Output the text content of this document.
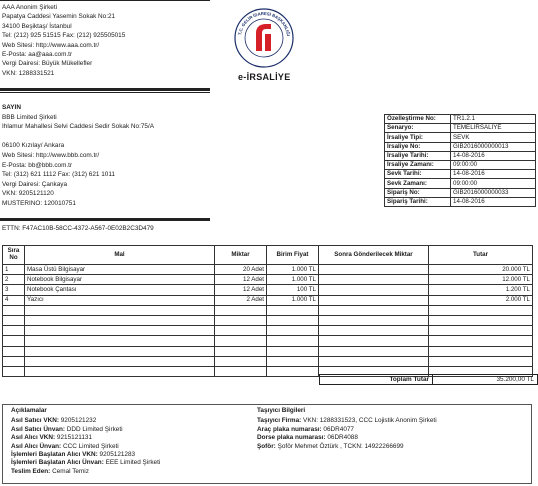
AAA Anonim Şirketi
Papatya Caddesi Yasemin Sokak No:21
34100 Beşiktaş/ İstanbul
Tel: (212) 925 51515 Fax: (212) 925505015
Web Sitesi: http://www.aaa.com.tr/
E-Posta: aa@aaa.com.tr
Vergi Dairesi: Büyük Mükellefler
VKN: 1288331521
T.C. GELİR İDARESİ BAŞKANLIĞI
e-İRSALİYE
SAYIN
BBB Limited Şirketi
Ihlamur Mahallesi Selvi Caddesi Sedir Sokak No:75/A
06100 Kızılay/ Ankara
Web Sitesi: http://www.bbb.com.tr/
E-Posta: bb@bbb.com.tr
Tel: (312) 621 1112 Fax: (312) 621 1011
Vergi Dairesi: Çankaya
VKN: 9205121120
MUSTERINO: 120010751
Özelleştirme No:	TR1.2.1
Senaryo:	TEMELIRSALIYE
İrsaliye Tipi:	SEVK
İrsaliye No:	GIB2016000000013
İrsaliye Tarihi:	14-08-2016
İrsaliye Zamanı:	09:00:00
Sevk Tarihi:	14-08-2016
Sevk Zamanı:	09:00:00
Sipariş No:	GIB2016000000033
Sipariş Tarihi:	14-08-2016
ETTN: F47AC10B-58CC-4372-A567-0E02B2C3D479
Sıra No	Mal	Miktar	Birim Fiyat	Sonra Gönderilecek Miktar	Tutar
1	Masa Üstü Bilgisayar	20 Adet	1.000 TL		20.000 TL
2	Notebook Bilgisayar	12 Adet	1.000 TL		12.000 TL
3	Notebook Çantası	12 Adet	100 TL		1.200 TL
4	Yazıcı	2 Adet	1.000 TL		2.000 TL

Toplam Tutar	35.200,00 TL
Açıklamalar
Asıl Satıcı VKN: 9205121232
Asıl Satıcı Ünvan: DDD Limited Şirketi
Asıl Alıcı VKN: 9215121131
Asıl Alıcı Ünvan: CCC Limited Şirketi
İşlemleri Başlatan Alıcı VKN: 9205121283
İşlemleri Başlatan Alıcı Ünvan: EEE Limited Şirketi
Teslim Eden: Cemal Temiz
Taşıyıcı Bilgileri
Taşıyıcı Firma: VKN: 1288331523, CCC Lojistik Anonim Şirketi
Araç plaka numarası: 06DR4077
Dorse plaka numarası: 06DR4088
Şoför: Şoför Mehmet Öztürk , TCKN: 14922266699
